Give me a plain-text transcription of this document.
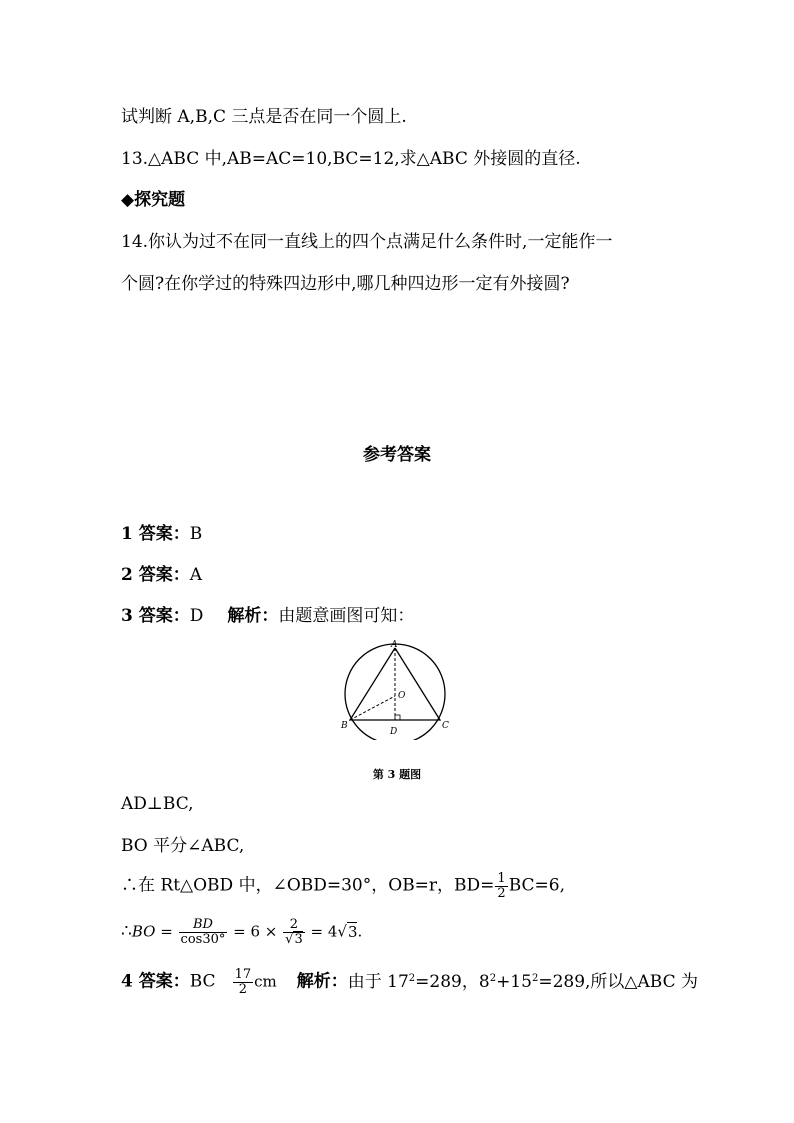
试判断 A,B,C 三点是否在同一个圆上.
13.△ABC 中,AB=AC=10,BC=12,求△ABC 外接圆的直径.
◆探究题
14.你认为过不在同一直线上的四个点满足什么条件时,一定能作一
个圆?在你学过的特殊四边形中,哪几种四边形一定有外接圆?
参考答案
1 答案：B
2 答案：A
3 答案：D 解析：由题意画图可知：
A
O
B
D
C
第 3 题图
AD⊥BC,
BO 平分∠ABC,
∴在 Rt△OBD 中，∠OBD=30°，OB=r，$BD= \frac{1}{2} BC=6$,
∴BO = $\frac{BD}{\cos 30^\circ} = 6 \times \frac{2}{√3} = 4√3$.
4 答案：BC $\frac{17}{2}$ cm 解析：由于 $17^2=289$，$8^2+15^2=289$,所以△ABC 为
